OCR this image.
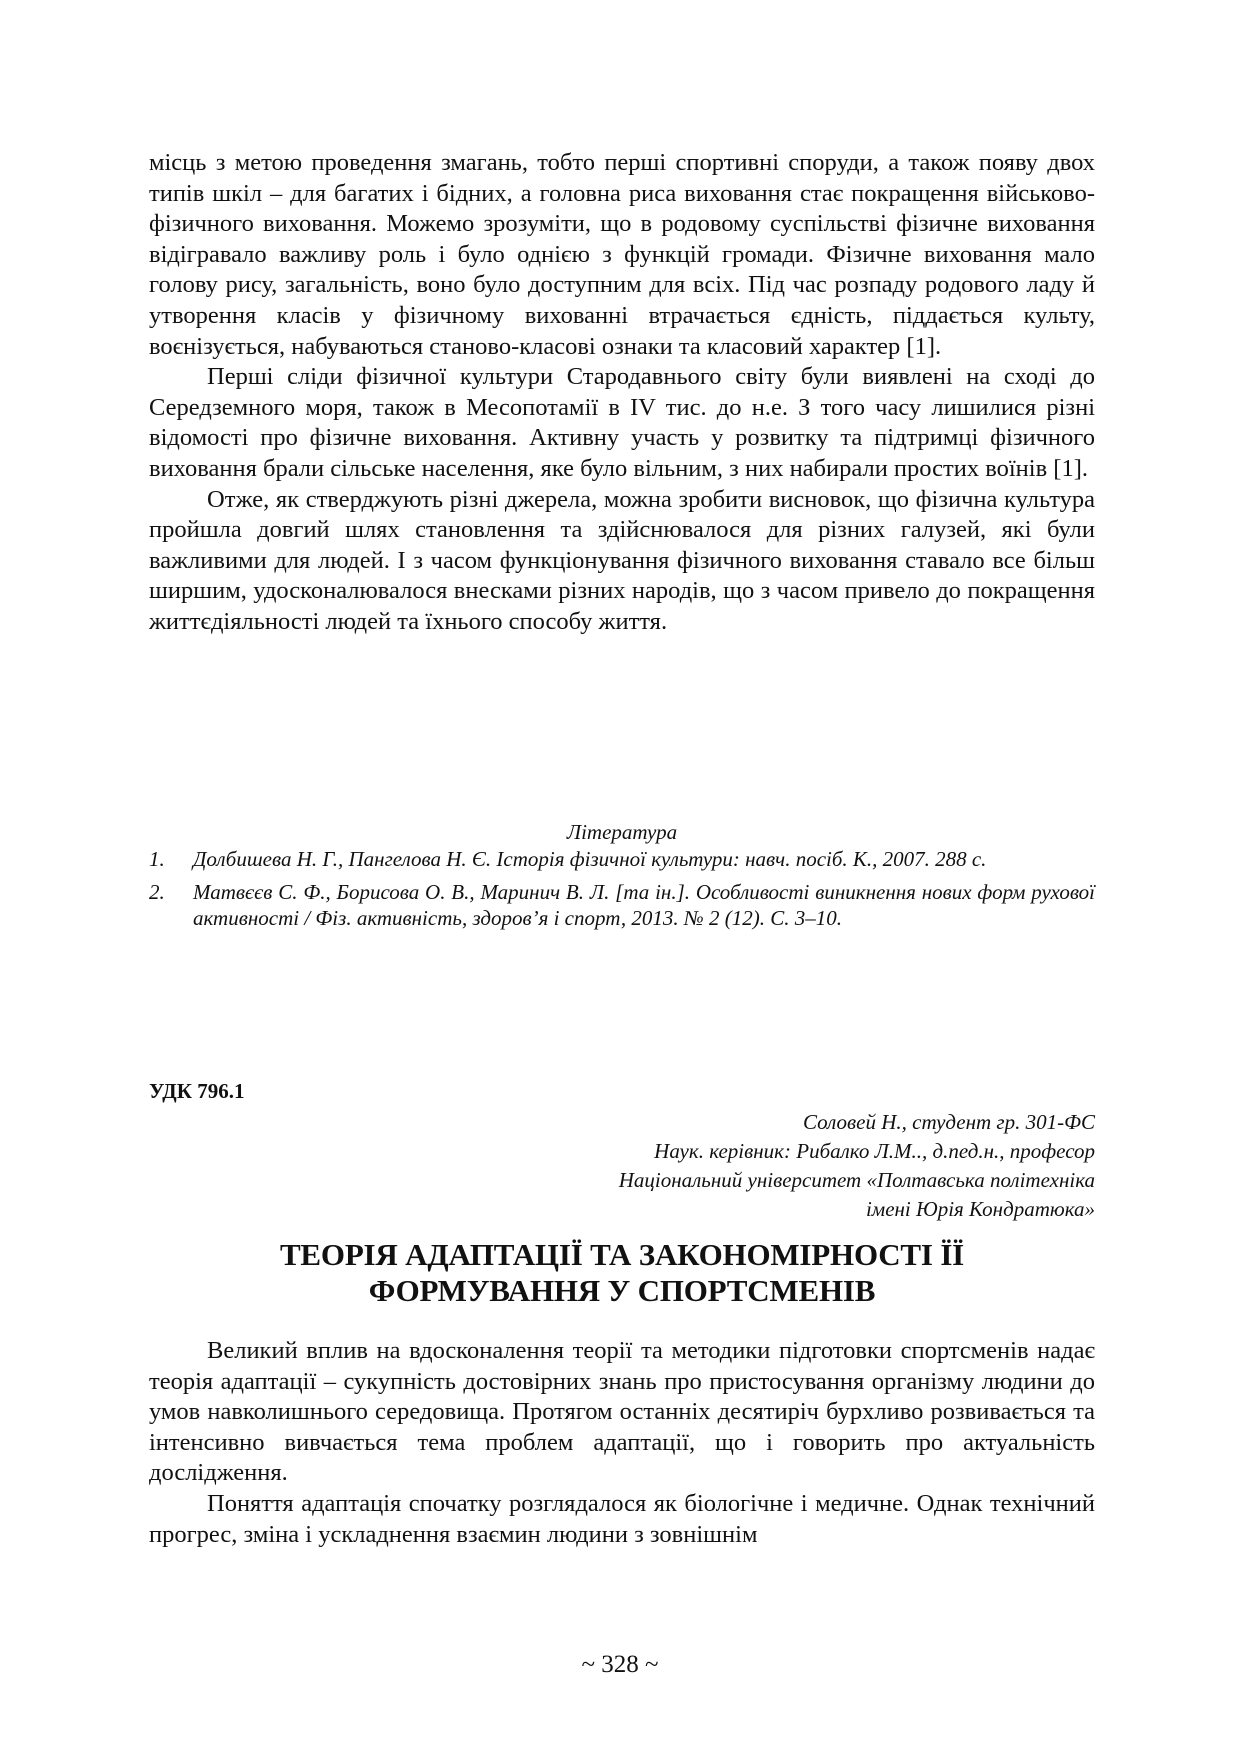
місць з метою проведення змагань, тобто перші спортивні споруди, а також появу двох типів шкіл – для багатих і бідних, а головна риса виховання стає покращення військово-фізичного виховання. Можемо зрозуміти, що в родовому суспільстві фізичне виховання відігравало важливу роль і було однією з функцій громади. Фізичне виховання мало голову рису, загальність, воно було доступним для всіх. Під час розпаду родового ладу й утворення класів у фізичному вихованні втрачається єдність, піддається культу, воєнізується, набуваються станово-класові ознаки та класовий характер [1].

Перші сліди фізичної культури Стародавнього світу були виявлені на сході до Середземного моря, також в Месопотамії в IV тис. до н.е. З того часу лишилися різні відомості про фізичне виховання. Активну участь у розвитку та підтримці фізичного виховання брали сільське населення, яке було вільним, з них набирали простих воїнів [1].

Отже, як стверджують різні джерела, можна зробити висновок, що фізична культура пройшла довгий шлях становлення та здійснювалося для різних галузей, які були важливими для людей. І з часом функціонування фізичного виховання ставало все більш ширшим, удосконалювалося внесками різних народів, що з часом привело до покращення життєдіяльності людей та їхнього способу життя.

Література

1. Долбишева Н. Г., Пангелова Н. Є. Історія фізичної культури: навч. посіб. К., 2007. 288 с.
2. Матвєєв С. Ф., Борисова О. В., Маринич В. Л. [та ін.]. Особливості виникнення нових форм рухової активності / Фіз. активність, здоров’я і спорт, 2013. № 2 (12). С. 3–10.

УДК 796.1

Соловей Н., студент гр. 301-ФС
Наук. керівник: Рибалко Л.М.., д.пед.н., професор
Національний університет «Полтавська політехніка
імені Юрія Кондратюка»
ТЕОРІЯ АДАПТАЦІЇ ТА ЗАКОНОМІРНОСТІ ЇЇ
ФОРМУВАННЯ У СПОРТСМЕНІВ

Великий вплив на вдосконалення теорії та методики підготовки спортсменів надає теорія адаптації – сукупність достовірних знань про пристосування організму людини до умов навколишнього середовища. Протягом останніх десятиріч бурхливо розвивається та інтенсивно вивчається тема проблем адаптації, що і говорить про актуальність дослідження.

Поняття адаптація спочатку розглядалося як біологічне і медичне. Однак технічний прогрес, зміна і ускладнення взаємин людини з зовнішнім

~ 328 ~
